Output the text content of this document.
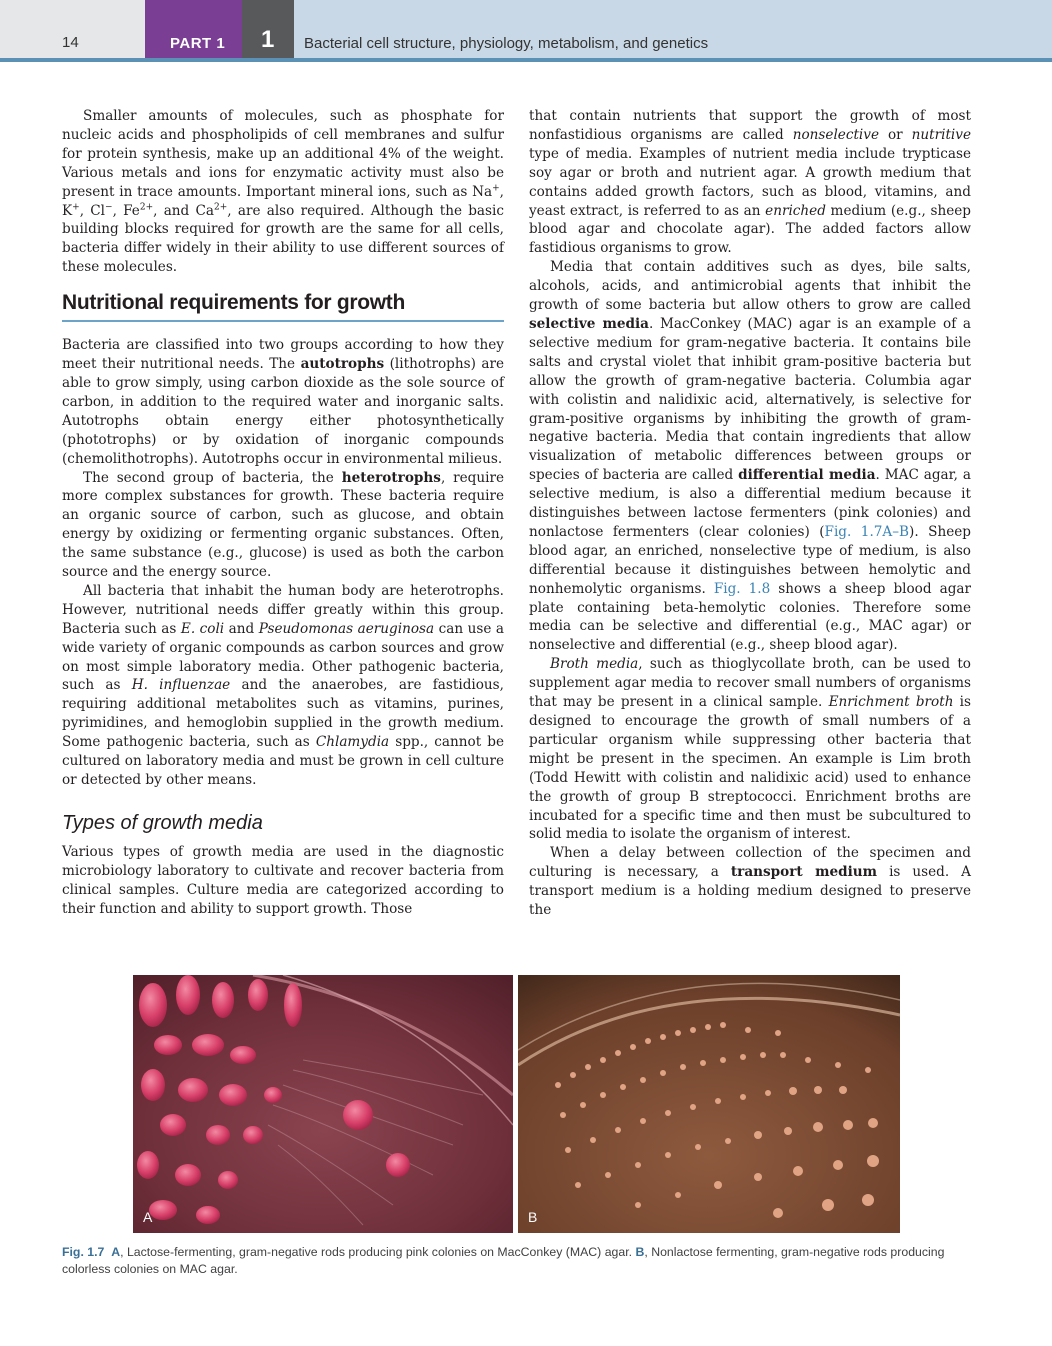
14	PART 1 1 Bacterial cell structure, physiology, metabolism, and genetics

Smaller amounts of molecules, such as phosphate for nucleic acids and phospholipids of cell membranes and sulfur for protein synthesis, make up an additional 4% of the weight. Various metals and ions for enzymatic activity must also be present in trace amounts. Important mineral ions, such as Na+, K+, Cl−, $Fe^{2+}$, and $Ca^{2+}$, are also required. Although the basic building blocks required for growth are the same for all cells, bacteria differ widely in their ability to use different sources of these molecules.

Nutritional requirements for growth

Bacteria are classified into two groups according to how they meet their nutritional needs. The autotrophs (lithotrophs) are able to grow simply, using carbon dioxide as the sole source of carbon, in addition to the required water and inorganic salts. Autotrophs obtain energy either photosynthetically (phototrophs) or by oxidation of inorganic compounds (chemolithotrophs). Autotrophs occur in environmental milieus.

The second group of bacteria, the heterotrophs, require more complex substances for growth. These bacteria require an organic source of carbon, such as glucose, and obtain energy by oxidizing or fermenting organic substances. Often, the same substance (e.g., glucose) is used as both the carbon source and the energy source.

All bacteria that inhabit the human body are heterotrophs. However, nutritional needs differ greatly within this group. Bacteria such as E. coli and Pseudomonas aeruginosa can use a wide variety of organic compounds as carbon sources and grow on most simple laboratory media. Other pathogenic bacteria, such as H. influenzae and the anaerobes, are fastidious, requiring additional metabolites such as vitamins, purines, pyrimidines, and hemoglobin supplied in the growth medium. Some pathogenic bacteria, such as Chlamydia spp., cannot be cultured on laboratory media and must be grown in cell culture or detected by other means.

Types of growth media

Various types of growth media are used in the diagnostic microbiology laboratory to cultivate and recover bacteria from clinical samples. Culture media are categorized according to their function and ability to support growth. Those

that contain nutrients that support the growth of most nonfastidious organisms are called nonselective or nutritive type of media. Examples of nutrient media include trypticase soy agar or broth and nutrient agar. A growth medium that contains added growth factors, such as blood, vitamins, and yeast extract, is referred to as an enriched medium (e.g., sheep blood agar and chocolate agar). The added factors allow fastidious organisms to grow.

Media that contain additives such as dyes, bile salts, alcohols, acids, and antimicrobial agents that inhibit the growth of some bacteria but allow others to grow are called selective media. MacConkey (MAC) agar is an example of a selective medium for gram-negative bacteria. It contains bile salts and crystal violet that inhibit gram-positive bacteria but allow the growth of gram-negative bacteria. Columbia agar with colistin and nalidixic acid, alternatively, is selective for gram-positive organisms by inhibiting the growth of gram-negative bacteria. Media that contain ingredients that allow visualization of metabolic differences between groups or species of bacteria are called differential media. MAC agar, a selective medium, is also a differential medium because it distinguishes between lactose fermenters (pink colonies) and nonlactose fermenters (clear colonies) (Fig. 1.7A–B). Sheep blood agar, an enriched, nonselective type of medium, is also differential because it distinguishes between hemolytic and nonhemolytic organisms. Fig. 1.8 shows a sheep blood agar plate containing beta-hemolytic colonies. Therefore some media can be selective and differential (e.g., MAC agar) or nonselective and differential (e.g., sheep blood agar).

Broth media, such as thioglycollate broth, can be used to supplement agar media to recover small numbers of organisms that may be present in a clinical sample. Enrichment broth is designed to encourage the growth of small numbers of a particular organism while suppressing other bacteria that might be present in the specimen. An example is Lim broth (Todd Hewitt with colistin and nalidixic acid) used to enhance the growth of group B streptococci. Enrichment broths are incubated for a specific time and then must be subcultured to solid media to isolate the organism of interest.

When a delay between collection of the specimen and culturing is necessary, a transport medium is used. A transport medium is a holding medium designed to preserve the

A	B
Fig. 1.7 A, Lactose-fermenting, gram-negative rods producing pink colonies on MacConkey (MAC) agar. B, Nonlactose fermenting, gram-negative rods producing colorless colonies on MAC agar.
